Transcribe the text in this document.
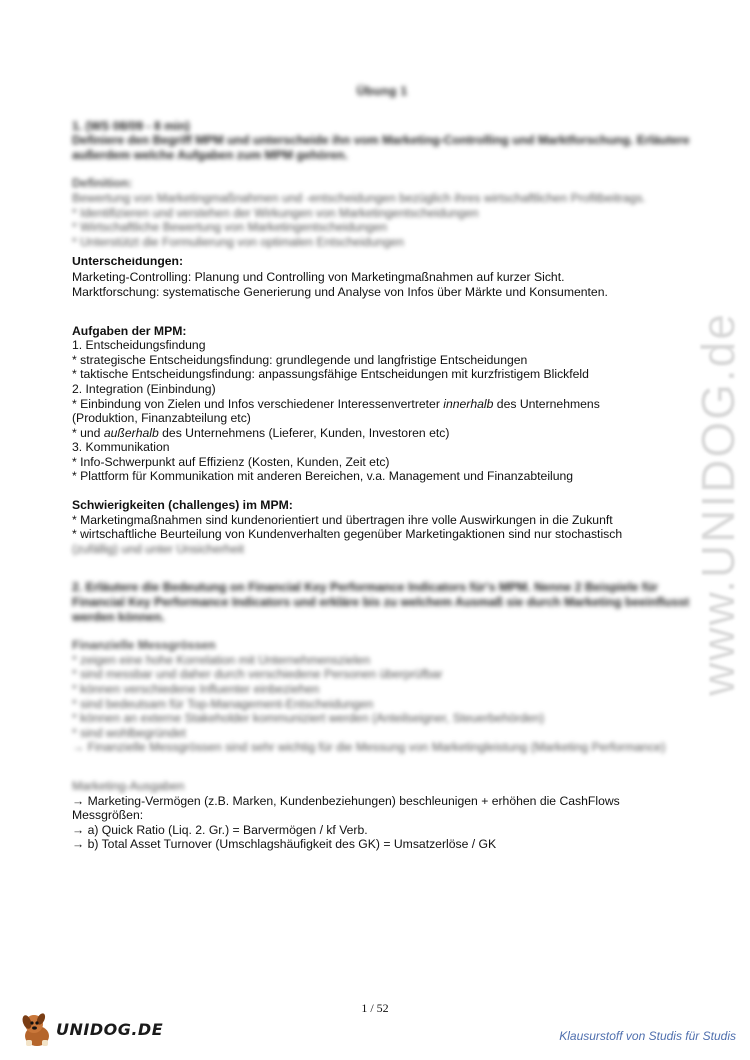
Übung 1
1. (WS 08/09 - 8 min)
Definiere den Begriff MPM und unterscheide ihn vom Marketing-Controlling und Marktforschung. Erläutere außerdem welche Aufgaben zum MPM gehören.
Definition:
Bewertung von Marketingmaßnahmen und -entscheidungen bezüglich ihres wirtschaftlichen Profitbeitrags.
* Identifizieren und verstehen der Wirkungen von Marketingentscheidungen
* Wirtschaftliche Bewertung von Marketingentscheidungen
* Unterstützt die Formulierung von optimalen Entscheidungen
Unterscheidungen:
Marketing-Controlling: Planung und Controlling von Marketingmaßnahmen auf kurzer Sicht.
Marktforschung: systematische Generierung und Analyse von Infos über Märkte und Konsumenten.
Aufgaben der MPM:
1. Entscheidungsfindung
* strategische Entscheidungsfindung: grundlegende und langfristige Entscheidungen
* taktische Entscheidungsfindung: anpassungsfähige Entscheidungen mit kurzfristigem Blickfeld
2. Integration (Einbindung)
* Einbindung von Zielen und Infos verschiedener Interessenvertreter innerhalb des Unternehmens
(Produktion, Finanzabteilung etc)
* und außerhalb des Unternehmens (Lieferer, Kunden, Investoren etc)
3. Kommunikation
* Info-Schwerpunkt auf Effizienz (Kosten, Kunden, Zeit etc)
* Plattform für Kommunikation mit anderen Bereichen, v.a. Management und Finanzabteilung
Schwierigkeiten (challenges) im MPM:
* Marketingmaßnahmen sind kundenorientiert und übertragen ihre volle Auswirkungen in die Zukunft
* wirtschaftliche Beurteilung von Kundenverhalten gegenüber Marketingaktionen sind nur stochastisch
(zufällig) und unter Unsicherheit
2. Erläutere die Bedeutung on Financial Key Performance Indicators für's MPM. Nenne 2 Beispiele für Financial Key Performance Indicators und erkläre bis zu welchem Ausmaß sie durch Marketing beeinflusst werden können.
Finanzielle Messgrössen
* zeigen eine hohe Korrelation mit Unternehmenszielen
* sind messbar und daher durch verschiedene Personen überprüfbar
* können verschiedene Influenter einbeziehen
* sind bedeutsam für Top-Management-Entscheidungen
* können an externe Stakeholder kommuniziert werden (Anteilseigner, Steuerbehörden)
* sind wohlbegründet
→ Finanzielle Messgrössen sind sehr wichtig für die Messung von Marketingleistung (Marketing Performance)
Marketing-Ausgaben
→ Marketing-Vermögen (z.B. Marken, Kundenbeziehungen) beschleunigen + erhöhen die CashFlows
Messgrößen:
→ a) Quick Ratio (Liq. 2. Gr.) = Barvermögen / kf Verb.
→ b) Total Asset Turnover (Umschlagshäufigkeit des GK) = Umsatzerlöse / GK
www.UNIDOG.de
1 / 52
UNIDOG.DE	Klausurstoff von Studis für Studis
